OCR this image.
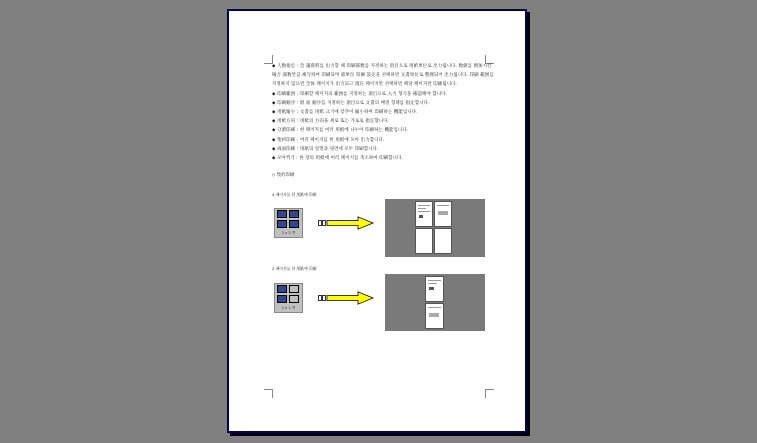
◆ 人数指定 : 会 議資料를 出力할 때 印刷部数를 지정하는 項目으로 用紙単位로 出力됩니다. 数値를 増加시킨 場合 部数만큼 複写하여 印刷되며 部単位 印刷 設定을 선택하면 文書単位로 整理되어 出力됩니다. 印刷 範囲를 지정하지 않으면 全体 페이지가 出力되고 現在 페이지만 선택하면 해당 페이지만 印刷됩니다.

◆ 印刷範囲 : 印刷할 페이지의 範囲를 지정하는 項目으로 入力 형식을 確認해야 합니다.

◆ 印刷順序 : 紙 面 順序를 지정하는 項目으로 文書의 배열 형태를 指定합니다.

◆ 用紙縮小 : 文書를 用紙 크기에 맞추어 縮小하여 印刷하는 機能입니다.

◆ 用紙方向 : 用紙의 方向을 세로 또는 가로로 指定합니다.

◆ 分割印刷 : 한 페이지를 여러 用紙에 나누어 印刷하는 機能입니다.

◆ 集約印刷 : 여러 페이지를 한 用紙에 모아 出力합니다.

◆ 両面印刷 : 用紙의 앞면과 뒷면에 모두 印刷합니다.

◆ 모아찍기 : 한 장의 用紙에 여러 페이지를 축소하여 印刷합니다.

◇ 集約印刷
4 페이지를 한 用紙에 印刷
2 x 2 쪽
2 페이지를 한 用紙에 印刷
2 x 1 쪽
